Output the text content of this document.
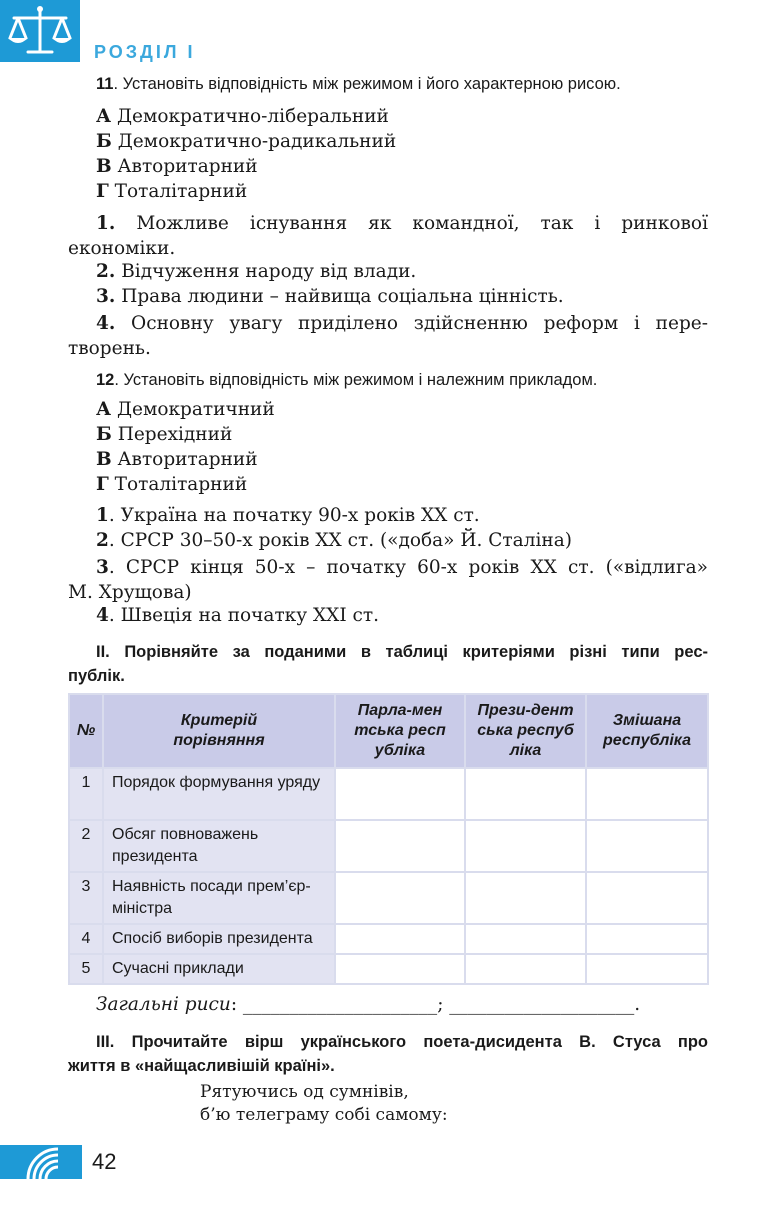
РОЗДІЛ І
11. Установіть відповідність між режимом і його характерною рисою.
А Демократично-ліберальний
Б Демократично-радикальний
В Авторитарний
Г Тоталітарний
1. Можливе існування як командної, так і ринкової
економіки.
2. Відчуження народу від влади.
3. Права людини – найвища соціальна цінність.
4. Основну увагу приділено здійсненню реформ і пере-
творень.
12. Установіть відповідність між режимом і належним прикладом.
А Демократичний
Б Перехідний
В Авторитарний
Г Тоталітарний
1. Україна на початку 90-х років XX ст.
2. СРСР 30–50-х років XX ст. («доба» Й. Сталіна)
3. СРСР кінця 50-х – початку 60-х років XX ст. («відлига»
М. Хрущова)
4. Швеція на початку XXI ст.
ІІ. Порівняйте за поданими в таблиці критеріями різні типи рес-
публік.
№	Критерій порівняння	Парла-ментська республіка	Прези-дентська республіка	Змішана республіка
1	Порядок формування уряду			
2	Обсяг повноважень президента			
3	Наявність посади прем’єр-міністра			
4	Спосіб виборів президента			
5	Сучасні приклади			
Загальні риси: _____________________; ____________________.
ІІІ. Прочитайте вірш українського поета-дисидента В. Стуса про
життя в «найщасливішій країні».
Рятуючись од сумнівів,
б’ю телеграму собі самому:
42
